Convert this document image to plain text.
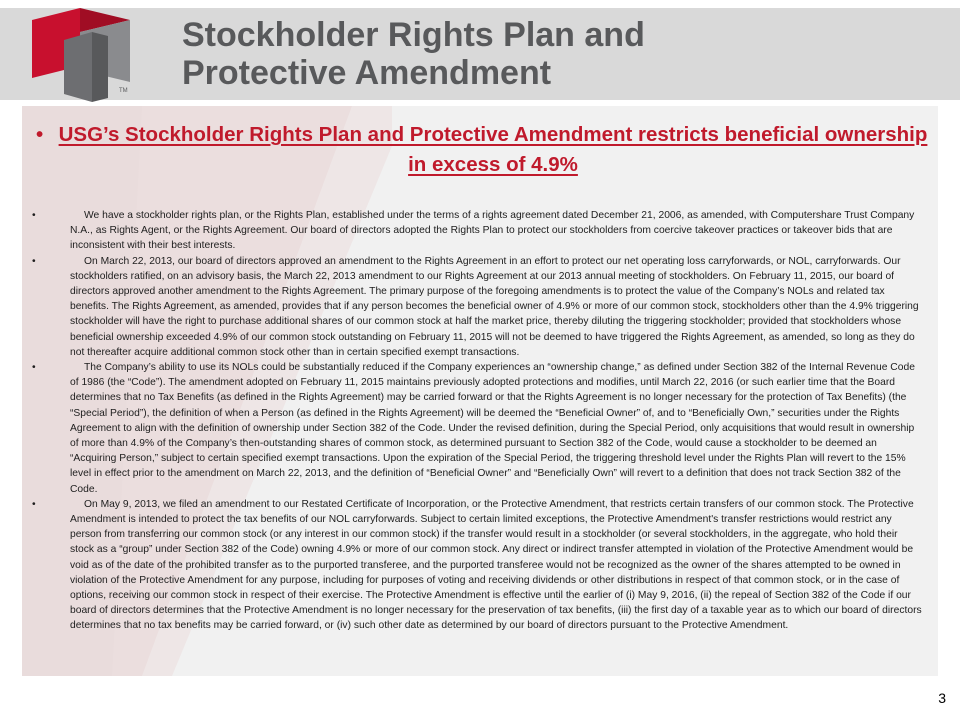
TM
Stockholder Rights Plan and
Protective Amendment
• USG’s Stockholder Rights Plan and Protective Amendment restricts beneficial ownership in excess of 4.9%
•	We have a stockholder rights plan, or the Rights Plan, established under the terms of a rights agreement dated December 21, 2006, as amended, with Computershare Trust Company N.A., as Rights Agent, or the Rights Agreement. Our board of directors adopted the Rights Plan to protect our stockholders from coercive takeover practices or takeover bids that are inconsistent with their best interests.
•	On March 22, 2013, our board of directors approved an amendment to the Rights Agreement in an effort to protect our net operating loss carryforwards, or NOL, carryforwards. Our stockholders ratified, on an advisory basis, the March 22, 2013 amendment to our Rights Agreement at our 2013 annual meeting of stockholders. On February 11, 2015, our board of directors approved another amendment to the Rights Agreement. The primary purpose of the foregoing amendments is to protect the value of the Company’s NOLs and related tax benefits. The Rights Agreement, as amended, provides that if any person becomes the beneficial owner of 4.9% or more of our common stock, stockholders other than the 4.9% triggering stockholder will have the right to purchase additional shares of our common stock at half the market price, thereby diluting the triggering stockholder; provided that stockholders whose beneficial ownership exceeded 4.9% of our common stock outstanding on February 11, 2015 will not be deemed to have triggered the Rights Agreement, as amended, so long as they do not thereafter acquire additional common stock other than in certain specified exempt transactions.
•	The Company’s ability to use its NOLs could be substantially reduced if the Company experiences an “ownership change,” as defined under Section 382 of the Internal Revenue Code of 1986 (the “Code”). The amendment adopted on February 11, 2015 maintains previously adopted protections and modifies, until March 22, 2016 (or such earlier time that the Board determines that no Tax Benefits (as defined in the Rights Agreement) may be carried forward or that the Rights Agreement is no longer necessary for the protection of Tax Benefits) (the “Special Period”), the definition of when a Person (as defined in the Rights Agreement) will be deemed the “Beneficial Owner” of, and to “Beneficially Own,” securities under the Rights Agreement to align with the definition of ownership under Section 382 of the Code. Under the revised definition, during the Special Period, only acquisitions that would result in ownership of more than 4.9% of the Company’s then-outstanding shares of common stock, as determined pursuant to Section 382 of the Code, would cause a stockholder to be deemed an “Acquiring Person,” subject to certain specified exempt transactions. Upon the expiration of the Special Period, the triggering threshold level under the Rights Plan will revert to the 15% level in effect prior to the amendment on March 22, 2013, and the definition of “Beneficial Owner” and “Beneficially Own” will revert to a definition that does not track Section 382 of the Code.
•	On May 9, 2013, we filed an amendment to our Restated Certificate of Incorporation, or the Protective Amendment, that restricts certain transfers of our common stock. The Protective Amendment is intended to protect the tax benefits of our NOL carryforwards. Subject to certain limited exceptions, the Protective Amendment's transfer restrictions would restrict any person from transferring our common stock (or any interest in our common stock) if the transfer would result in a stockholder (or several stockholders, in the aggregate, who hold their stock as a “group” under Section 382 of the Code) owning 4.9% or more of our common stock. Any direct or indirect transfer attempted in violation of the Protective Amendment would be void as of the date of the prohibited transfer as to the purported transferee, and the purported transferee would not be recognized as the owner of the shares attempted to be owned in violation of the Protective Amendment for any purpose, including for purposes of voting and receiving dividends or other distributions in respect of that common stock, or in the case of options, receiving our common stock in respect of their exercise. The Protective Amendment is effective until the earlier of (i) May 9, 2016, (ii) the repeal of Section 382 of the Code if our board of directors determines that the Protective Amendment is no longer necessary for the preservation of tax benefits, (iii) the first day of a taxable year as to which our board of directors determines that no tax benefits may be carried forward, or (iv) such other date as determined by our board of directors pursuant to the Protective Amendment.
3
